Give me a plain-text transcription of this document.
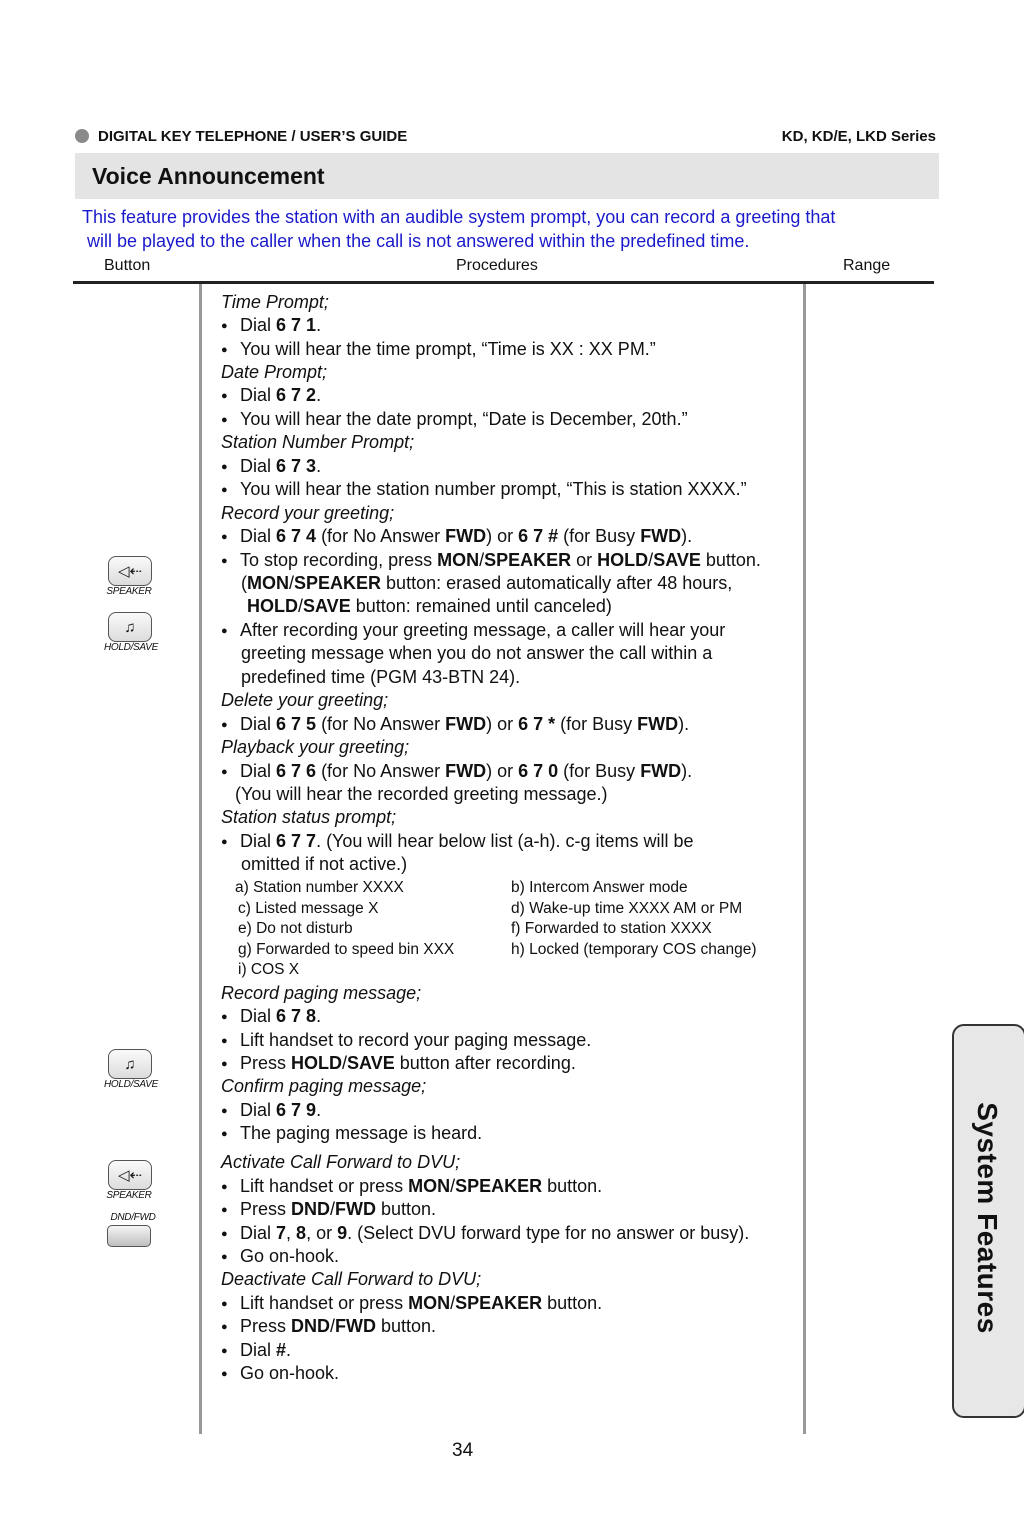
DIGITAL KEY TELEPHONE / USER’S GUIDE	KD, KD/E, LKD Series
Voice Announcement
This feature provides the station with an audible system prompt, you can record a greeting that
will be played to the caller when the call is not answered within the predefined time.
Button	Procedures	Range
◁⇠
SPEAKER
♫
HOLD/SAVE
♫
HOLD/SAVE
◁⇠
SPEAKER
DND/FWD
Time Prompt;
● Dial 6 7 1.
● You will hear the time prompt, “Time is XX : XX PM.”
Date Prompt;
● Dial 6 7 2.
● You will hear the date prompt, “Date is December, 20th.”
Station Number Prompt;
● Dial 6 7 3.
● You will hear the station number prompt, “This is station XXXX.”
Record your greeting;
● Dial 6 7 4 (for No Answer FWD) or 6 7 # (for Busy FWD).
● To stop recording, press MON/SPEAKER or HOLD/SAVE button.
(MON/SPEAKER button: erased automatically after 48 hours,
HOLD/SAVE button: remained until canceled)
● After recording your greeting message, a caller will hear your
greeting message when you do not answer the call within a
predefined time (PGM 43-BTN 24).
Delete your greeting;
● Dial 6 7 5 (for No Answer FWD) or 6 7 * (for Busy FWD).
Playback your greeting;
● Dial 6 7 6 (for No Answer FWD) or 6 7 0 (for Busy FWD).
(You will hear the recorded greeting message.)
Station status prompt;
● Dial 6 7 7. (You will hear below list (a-h). c-g items will be
omitted if not active.)
a) Station number XXXX	b) Intercom Answer mode
c) Listed message X	d) Wake-up time XXXX AM or PM
e) Do not disturb	f) Forwarded to station XXXX
g) Forwarded to speed bin XXX	h) Locked (temporary COS change)
i) COS X
Record paging message;
● Dial 6 7 8.
● Lift handset to record your paging message.
● Press HOLD/SAVE button after recording.
Confirm paging message;
● Dial 6 7 9.
● The paging message is heard.
Activate Call Forward to DVU;
● Lift handset or press MON/SPEAKER button.
● Press DND/FWD button.
● Dial 7, 8, or 9. (Select DVU forward type for no answer or busy).
● Go on-hook.
Deactivate Call Forward to DVU;
● Lift handset or press MON/SPEAKER button.
● Press DND/FWD button.
● Dial #.
● Go on-hook.
System Features
34
